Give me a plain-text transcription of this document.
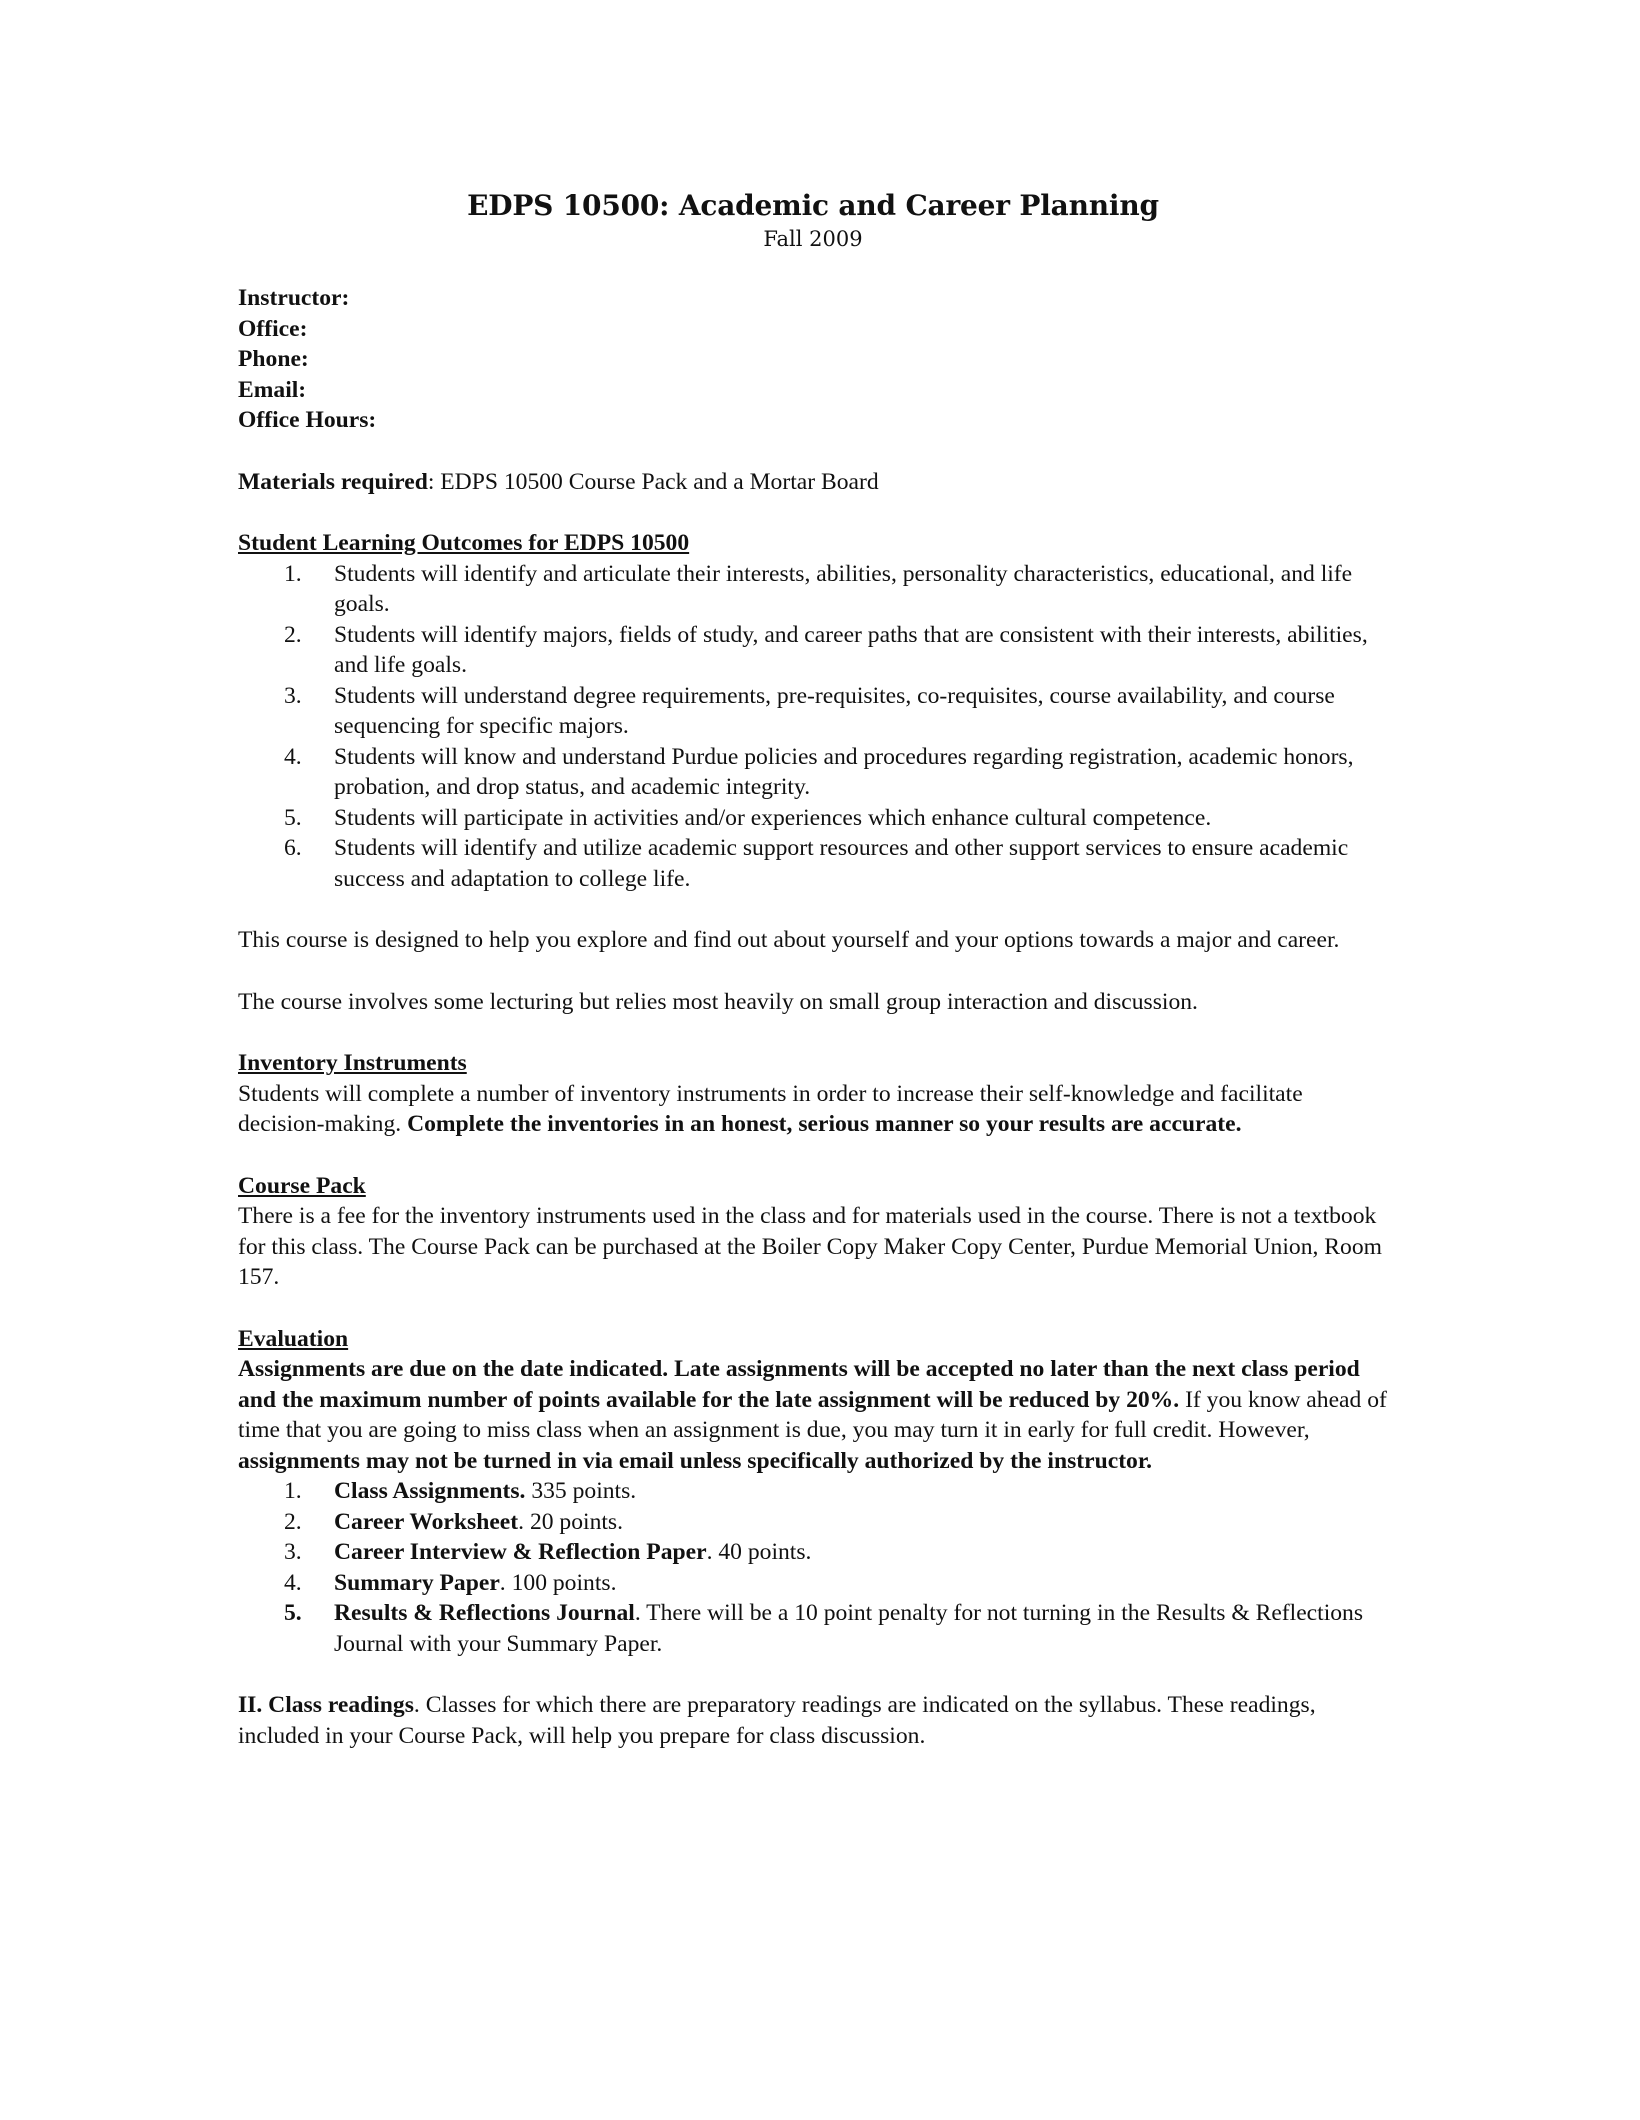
EDPS 10500: Academic and Career Planning

Fall 2009

Instructor:

Office:

Phone:

Email:

Office Hours:

Materials required: EDPS 10500 Course Pack and a Mortar Board

Student Learning Outcomes for EDPS 10500

1.	Students will identify and articulate their interests, abilities, personality characteristics, educational, and life goals.
2.	Students will identify majors, fields of study, and career paths that are consistent with their interests, abilities, and life goals.
3.	Students will understand degree requirements, pre-requisites, co-requisites, course availability, and course sequencing for specific majors.
4.	Students will know and understand Purdue policies and procedures regarding registration, academic honors, probation, and drop status, and academic integrity.
5.	Students will participate in activities and/or experiences which enhance cultural competence.
6.	Students will identify and utilize academic support resources and other support services to ensure academic success and adaptation to college life.

This course is designed to help you explore and find out about yourself and your options towards a major and career.

The course involves some lecturing but relies most heavily on small group interaction and discussion.

Inventory Instruments

Students will complete a number of inventory instruments in order to increase their self-knowledge and facilitate decision-making. Complete the inventories in an honest, serious manner so your results are accurate.

Course Pack

There is a fee for the inventory instruments used in the class and for materials used in the course. There is not a textbook for this class. The Course Pack can be purchased at the Boiler Copy Maker Copy Center, Purdue Memorial Union, Room 157.

Evaluation

Assignments are due on the date indicated. Late assignments will be accepted no later than the next class period and the maximum number of points available for the late assignment will be reduced by 20%. If you know ahead of time that you are going to miss class when an assignment is due, you may turn it in early for full credit. However, assignments may not be turned in via email unless specifically authorized by the instructor.

1.	Class Assignments. 335 points.
2.	Career Worksheet. 20 points.
3.	Career Interview & Reflection Paper. 40 points.
4.	Summary Paper. 100 points.
5.	Results & Reflections Journal. There will be a 10 point penalty for not turning in the Results & Reflections Journal with your Summary Paper.

II. Class readings. Classes for which there are preparatory readings are indicated on the syllabus. These readings, included in your Course Pack, will help you prepare for class discussion.
